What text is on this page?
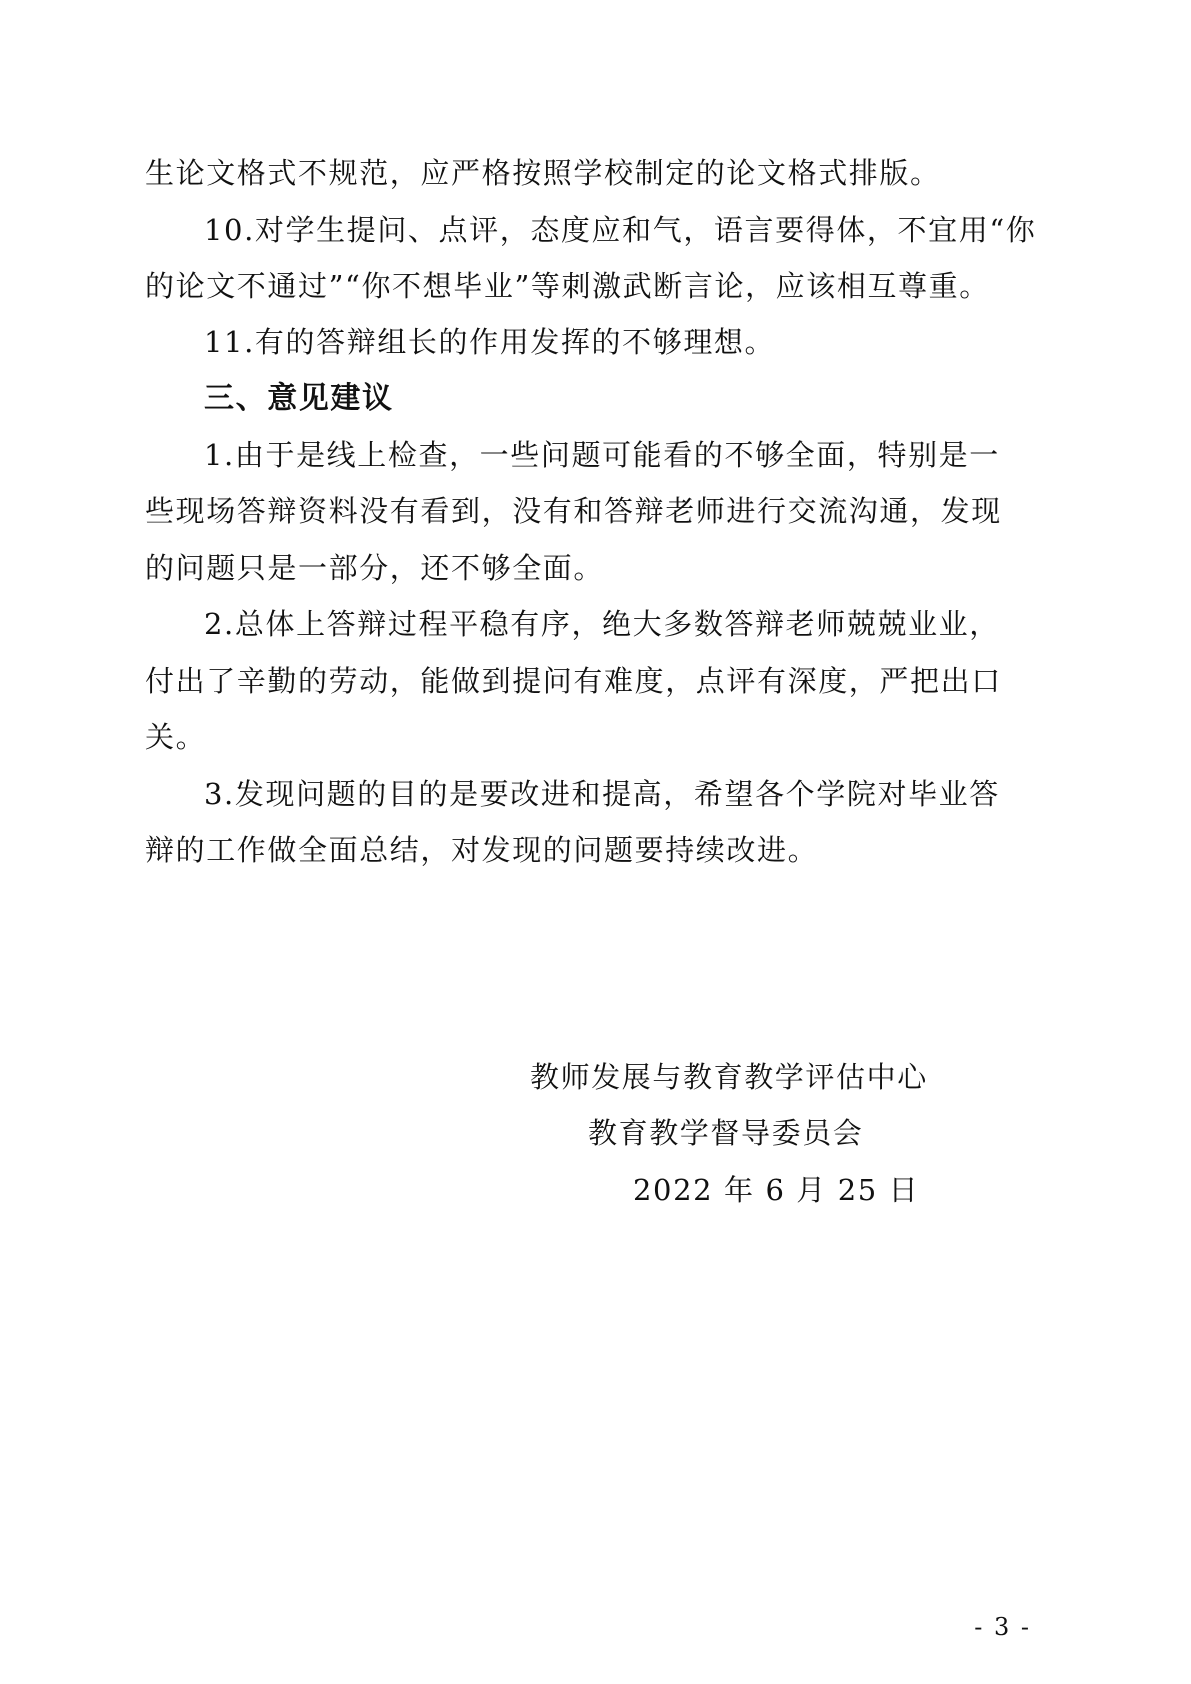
生论文格式不规范，应严格按照学校制定的论文格式排版。
10.对学生提问、点评，态度应和气，语言要得体，不宜用“你
的论文不通过”“你不想毕业”等刺激武断言论，应该相互尊重。
11.有的答辩组长的作用发挥的不够理想。
三、意见建议
1.由于是线上检查，一些问题可能看的不够全面，特别是一
些现场答辩资料没有看到，没有和答辩老师进行交流沟通，发现
的问题只是一部分，还不够全面。
2.总体上答辩过程平稳有序，绝大多数答辩老师兢兢业业，
付出了辛勤的劳动，能做到提问有难度，点评有深度，严把出口
关。
3.发现问题的目的是要改进和提高，希望各个学院对毕业答
辩的工作做全面总结，对发现的问题要持续改进。
教师发展与教育教学评估中心
教育教学督导委员会
2022 年 6 月 25 日
- 3 -
